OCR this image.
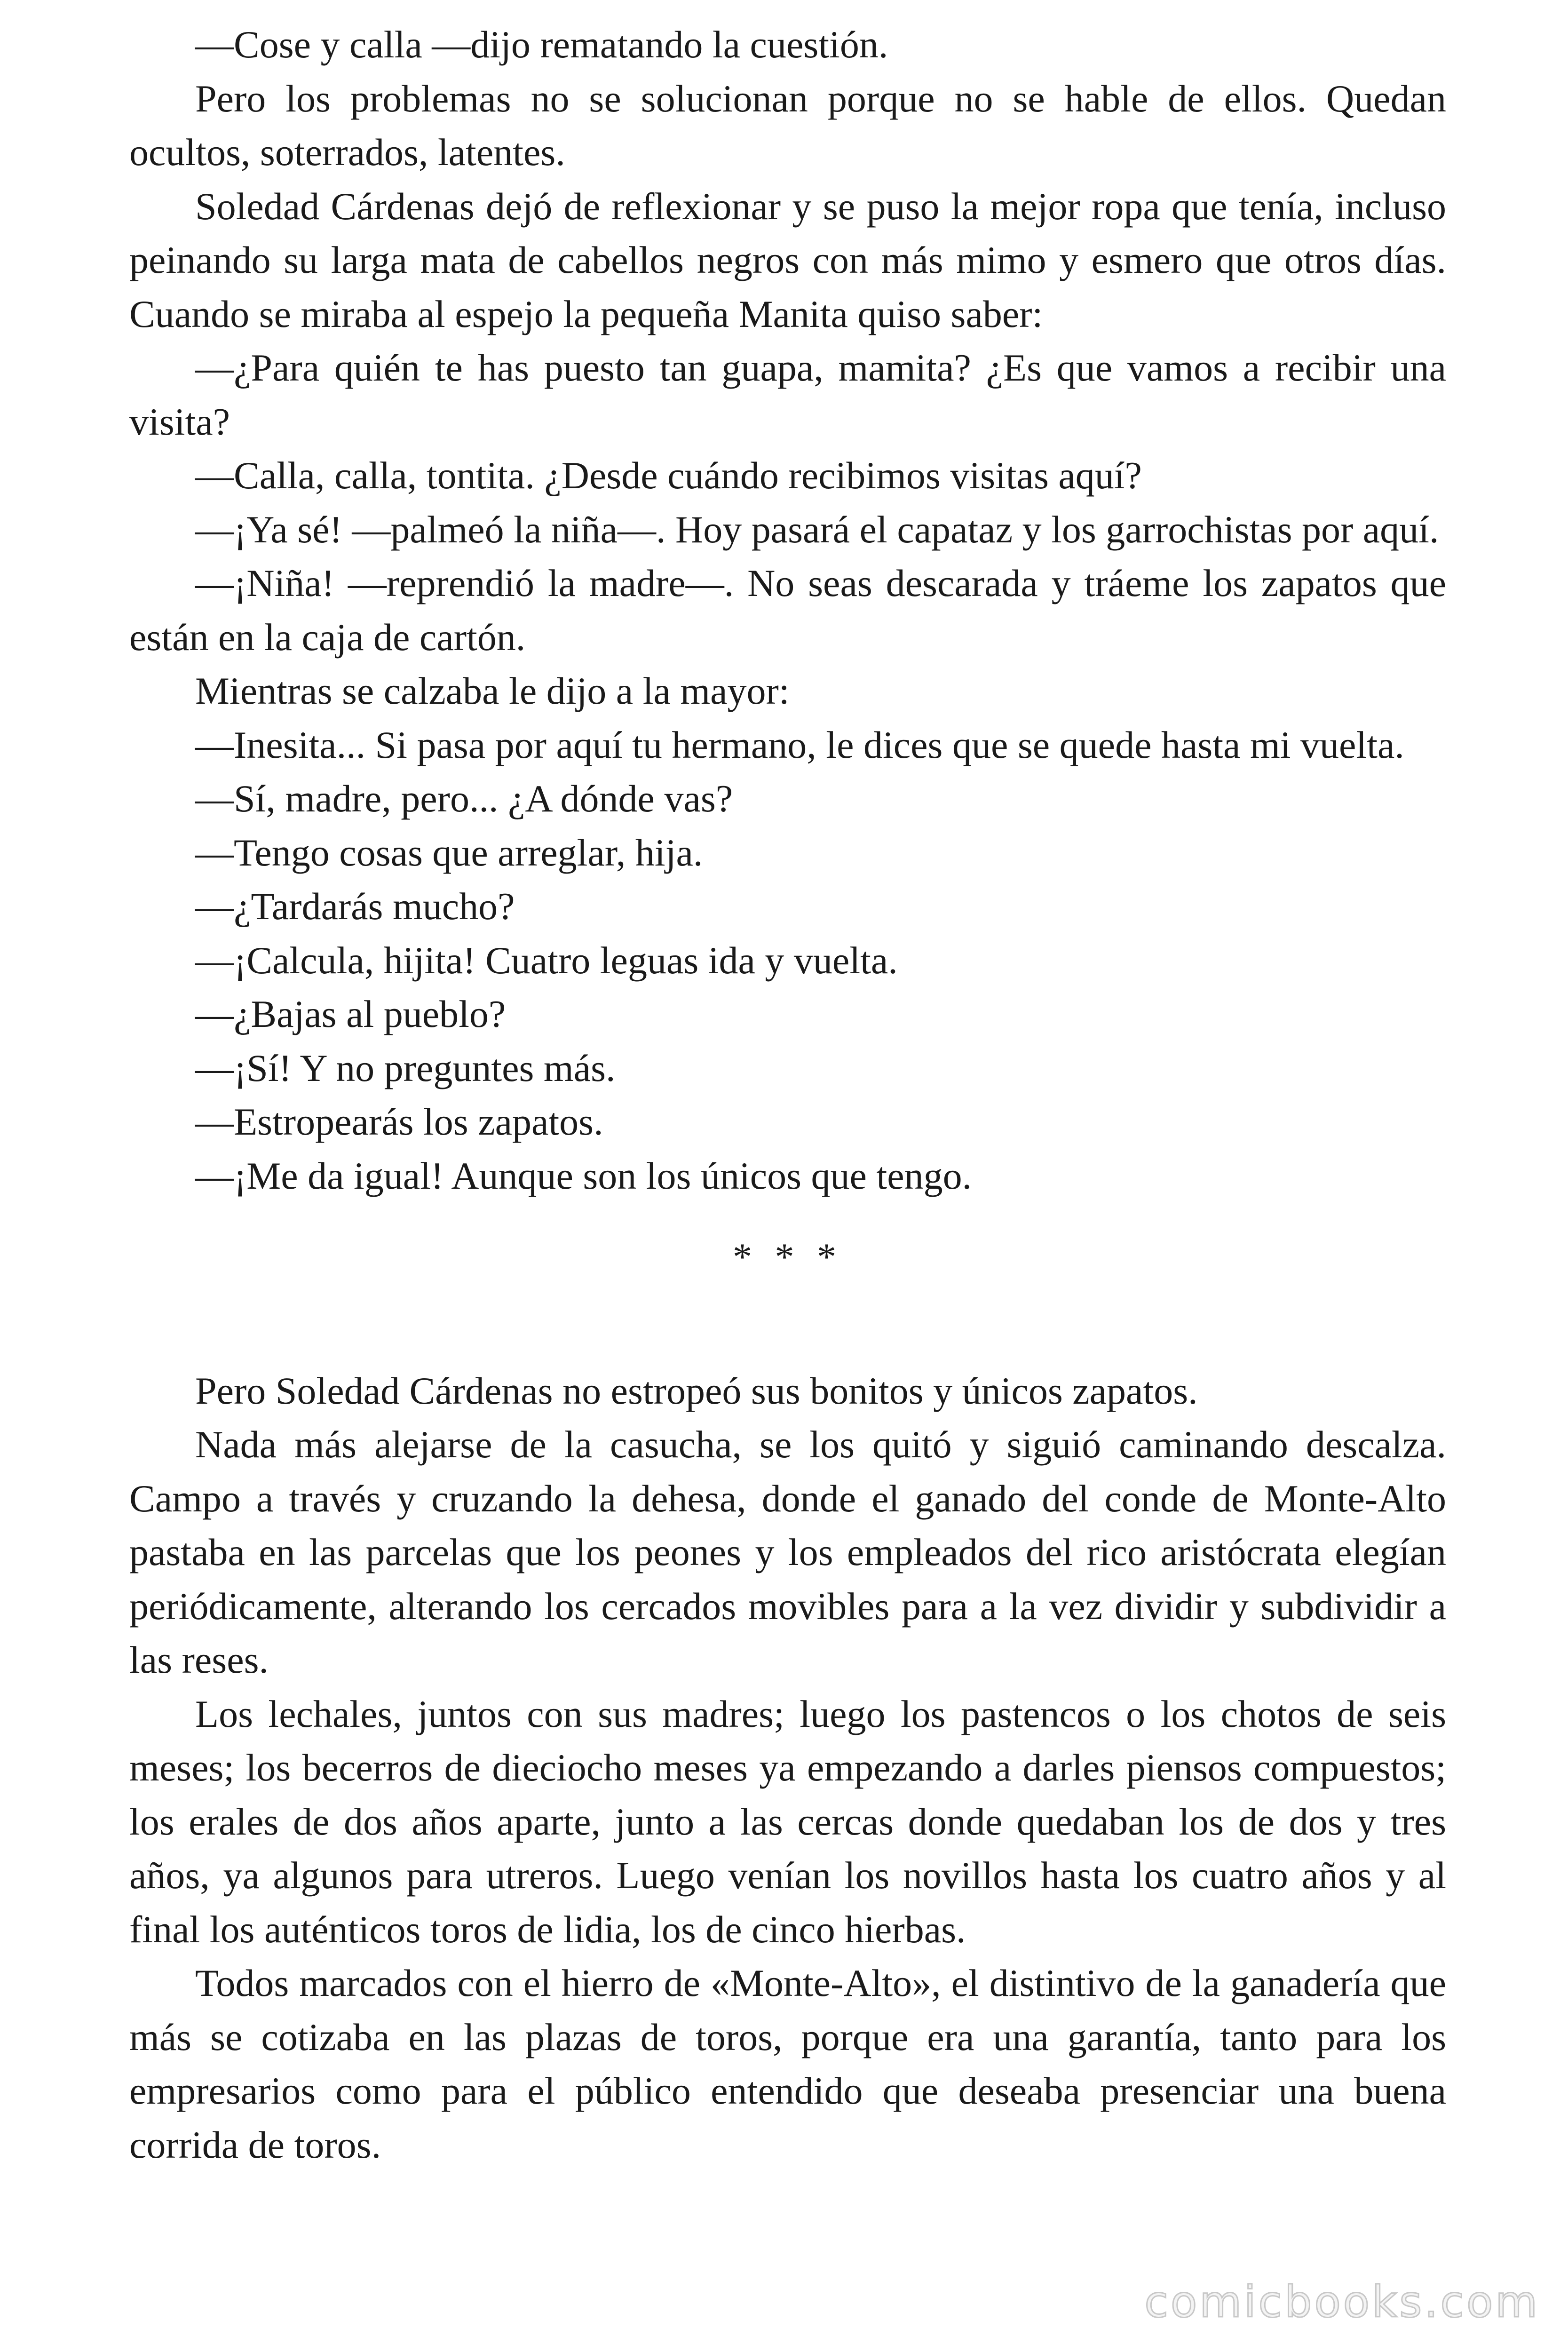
—Cose y calla —dijo rematando la cuestión.

Pero los problemas no se solucionan porque no se hable de ellos. Quedan ocultos, soterrados, latentes.

Soledad Cárdenas dejó de reflexionar y se puso la mejor ropa que tenía, incluso peinando su larga mata de cabellos negros con más mimo y esmero que otros días. Cuando se miraba al espejo la pequeña Manita quiso saber:

—¿Para quién te has puesto tan guapa, mamita? ¿Es que vamos a recibir una visita?

—Calla, calla, tontita. ¿Desde cuándo recibimos visitas aquí?

—¡Ya sé! —palmeó la niña—. Hoy pasará el capataz y los garrochistas por aquí.

—¡Niña! —reprendió la madre—. No seas descarada y tráeme los zapatos que están en la caja de cartón.

Mientras se calzaba le dijo a la mayor:

—Inesita... Si pasa por aquí tu hermano, le dices que se quede hasta mi vuelta.

—Sí, madre, pero... ¿A dónde vas?

—Tengo cosas que arreglar, hija.

—¿Tardarás mucho?

—¡Calcula, hijita! Cuatro leguas ida y vuelta.

—¿Bajas al pueblo?

—¡Sí! Y no preguntes más.

—Estropearás los zapatos.

—¡Me da igual! Aunque son los únicos que tengo.

* * *

Pero Soledad Cárdenas no estropeó sus bonitos y únicos zapatos.

Nada más alejarse de la casucha, se los quitó y siguió caminando descalza. Campo a través y cruzando la dehesa, donde el ganado del conde de Monte-Alto pastaba en las parcelas que los peones y los empleados del rico aristócrata elegían periódicamente, alterando los cercados movibles para a la vez dividir y subdividir a las reses.

Los lechales, juntos con sus madres; luego los pastencos o los chotos de seis meses; los becerros de dieciocho meses ya empezando a darles piensos compuestos; los erales de dos años aparte, junto a las cercas donde quedaban los de dos y tres años, ya algunos para utreros. Luego venían los novillos hasta los cuatro años y al final los auténticos toros de lidia, los de cinco hierbas.

Todos marcados con el hierro de «Monte-Alto», el distintivo de la ganadería que más se cotizaba en las plazas de toros, porque era una garantía, tanto para los empresarios como para el público entendido que deseaba presenciar una buena corrida de toros.

comicbooks.com
